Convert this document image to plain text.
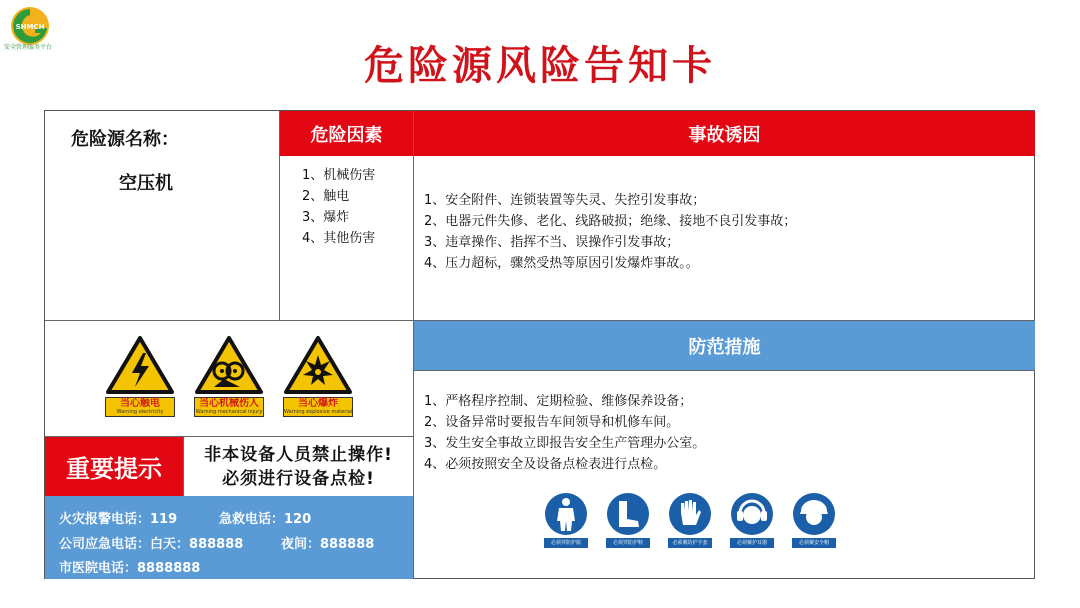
SHMCH
安全管理服务平台	危险源风险告知卡
危险源名称：
空压机
危险因素
1、机械伤害
2、触电
3、爆炸
4、其他伤害
事故诱因
1、安全附件、连锁装置等失灵、失控引发事故；
2、电器元件失修、老化、线路破损；绝缘、接地不良引发事故；
3、违章操作、指挥不当、误操作引发事故；
4、压力超标，骤然受热等原因引发爆炸事故。。
当心触电
Warning electricity
当心机械伤人
Warning mechanical injury
当心爆炸
Warning explosive material
防范措施
重要提示
非本设备人员禁止操作!
必须进行设备点检!
火灾报警电话：119	急救电话：120
公司应急电话：白天：888888	夜间：888888
市医院电话：8888888
1、严格程序控制、定期检验、维修保养设备；
2、设备异常时要报告车间领导和机修车间。
3、发生安全事故立即报告安全生产管理办公室。
4、必须按照安全及设备点检表进行点检。
必须穿防护服	必须穿防护鞋	必须戴防护手套	必须戴护耳器	必须戴安全帽
